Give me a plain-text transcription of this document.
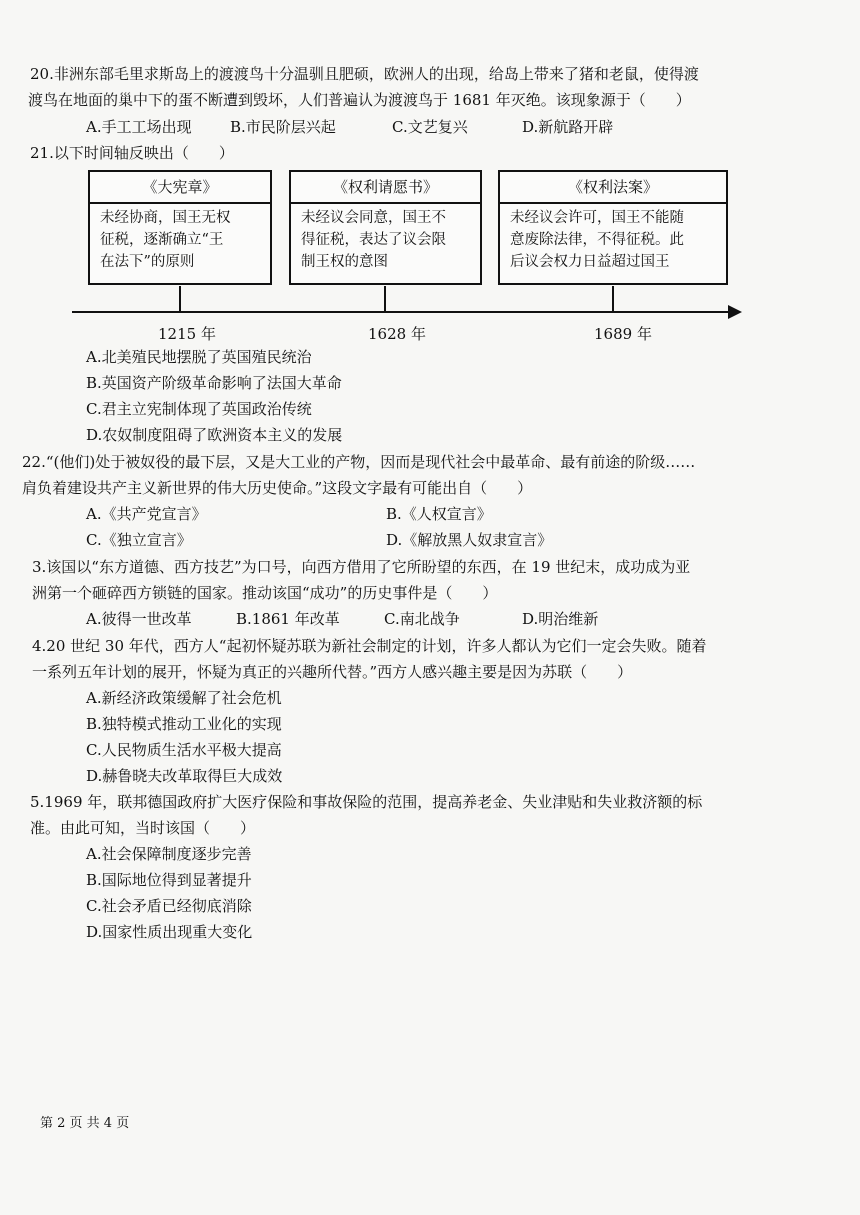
20.非洲东部毛里求斯岛上的渡渡鸟十分温驯且肥硕，欧洲人的出现，给岛上带来了猪和老鼠，使得渡
渡鸟在地面的巢中下的蛋不断遭到毁坏，人们普遍认为渡渡鸟于 1681 年灭绝。该现象源于（　　）
A.手工工场出现	B.市民阶层兴起	C.文艺复兴	D.新航路开辟
21.以下时间轴反映出（　　）
《大宪章》
未经协商，国王无权
征税，逐渐确立“王
在法下”的原则
《权利请愿书》
未经议会同意，国王不
得征税，表达了议会限
制王权的意图
《权利法案》
未经议会许可，国王不能随
意废除法律，不得征税。此
后议会权力日益超过国王
1215 年	1628 年	1689 年
A.北美殖民地摆脱了英国殖民统治
B.英国资产阶级革命影响了法国大革命
C.君主立宪制体现了英国政治传统
D.农奴制度阻碍了欧洲资本主义的发展
22.“(他们)处于被奴役的最下层，又是大工业的产物，因而是现代社会中最革命、最有前途的阶级……
肩负着建设共产主义新世界的伟大历史使命。”这段文字最有可能出自（　　）
A.《共产党宣言》	B.《人权宣言》
C.《独立宣言》	D.《解放黑人奴隶宣言》
3.该国以“东方道德、西方技艺”为口号，向西方借用了它所盼望的东西，在 19 世纪末，成功成为亚
洲第一个砸碎西方锁链的国家。推动该国“成功”的历史事件是（　　）
A.彼得一世改革	B.1861 年改革	C.南北战争	D.明治维新
4.20 世纪 30 年代，西方人“起初怀疑苏联为新社会制定的计划，许多人都认为它们一定会失败。随着
一系列五年计划的展开，怀疑为真正的兴趣所代替。”西方人感兴趣主要是因为苏联（　　）
A.新经济政策缓解了社会危机
B.独特模式推动工业化的实现
C.人民物质生活水平极大提高
D.赫鲁晓夫改革取得巨大成效
5.1969 年，联邦德国政府扩大医疗保险和事故保险的范围，提高养老金、失业津贴和失业救济额的标
准。由此可知，当时该国（　　）
A.社会保障制度逐步完善
B.国际地位得到显著提升
C.社会矛盾已经彻底消除
D.国家性质出现重大变化
第 2 页 共 4 页
